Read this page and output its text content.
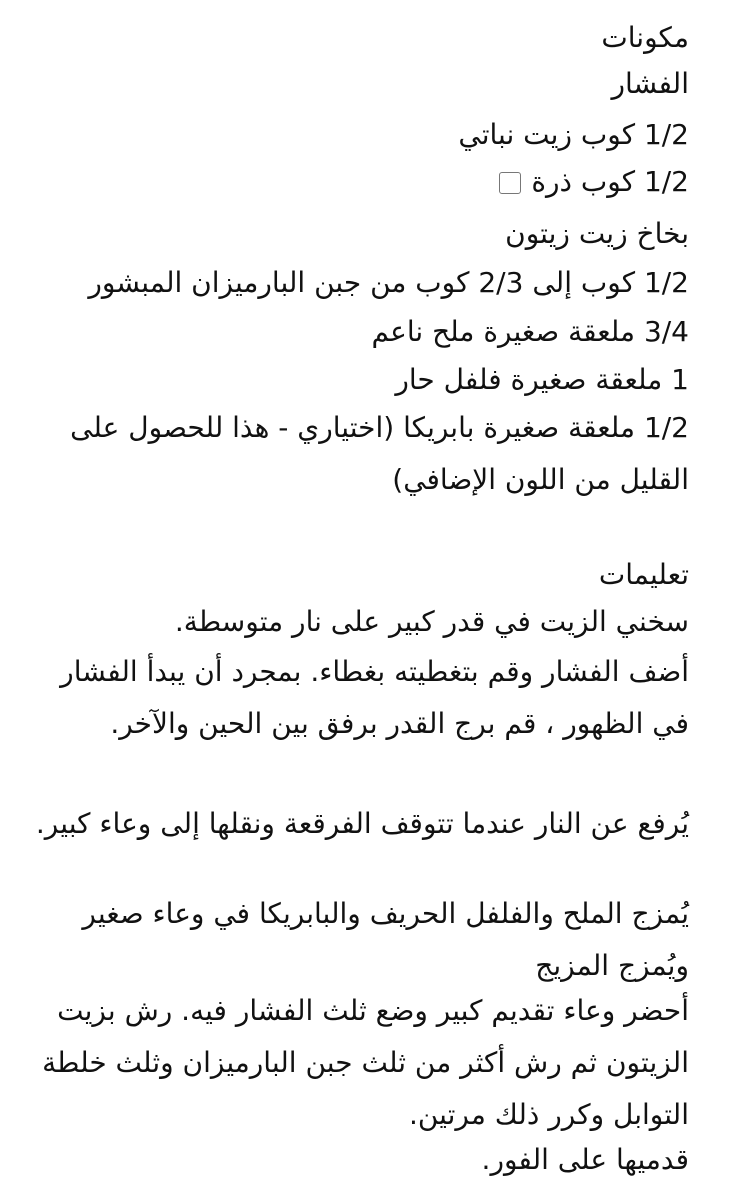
مكونات
الفشار
1/2 كوب زيت نباتي
1/2 كوب ذرة
بخاخ زيت زيتون
1/2 كوب إلى 2/3 كوب من جبن البارميزان المبشور
3/4 ملعقة صغيرة ملح ناعم
1 ملعقة صغيرة فلفل حار
1/2 ملعقة صغيرة بابريكا (اختياري - هذا للحصول على القليل من اللون الإضافي)
تعليمات
سخني الزيت في قدر كبير على نار متوسطة.
أضف الفشار وقم بتغطيته بغطاء. بمجرد أن يبدأ الفشار في الظهور ، قم برج القدر برفق بين الحين والآخر.
يُرفع عن النار عندما تتوقف الفرقعة ونقلها إلى وعاء كبير.
يُمزج الملح والفلفل الحريف والبابريكا في وعاء صغير ويُمزج المزيج
أحضر وعاء تقديم كبير وضع ثلث الفشار فيه. رش بزيت الزيتون ثم رش أكثر من ثلث جبن البارميزان وثلث خلطة التوابل وكرر ذلك مرتين.
قدميها على الفور.
